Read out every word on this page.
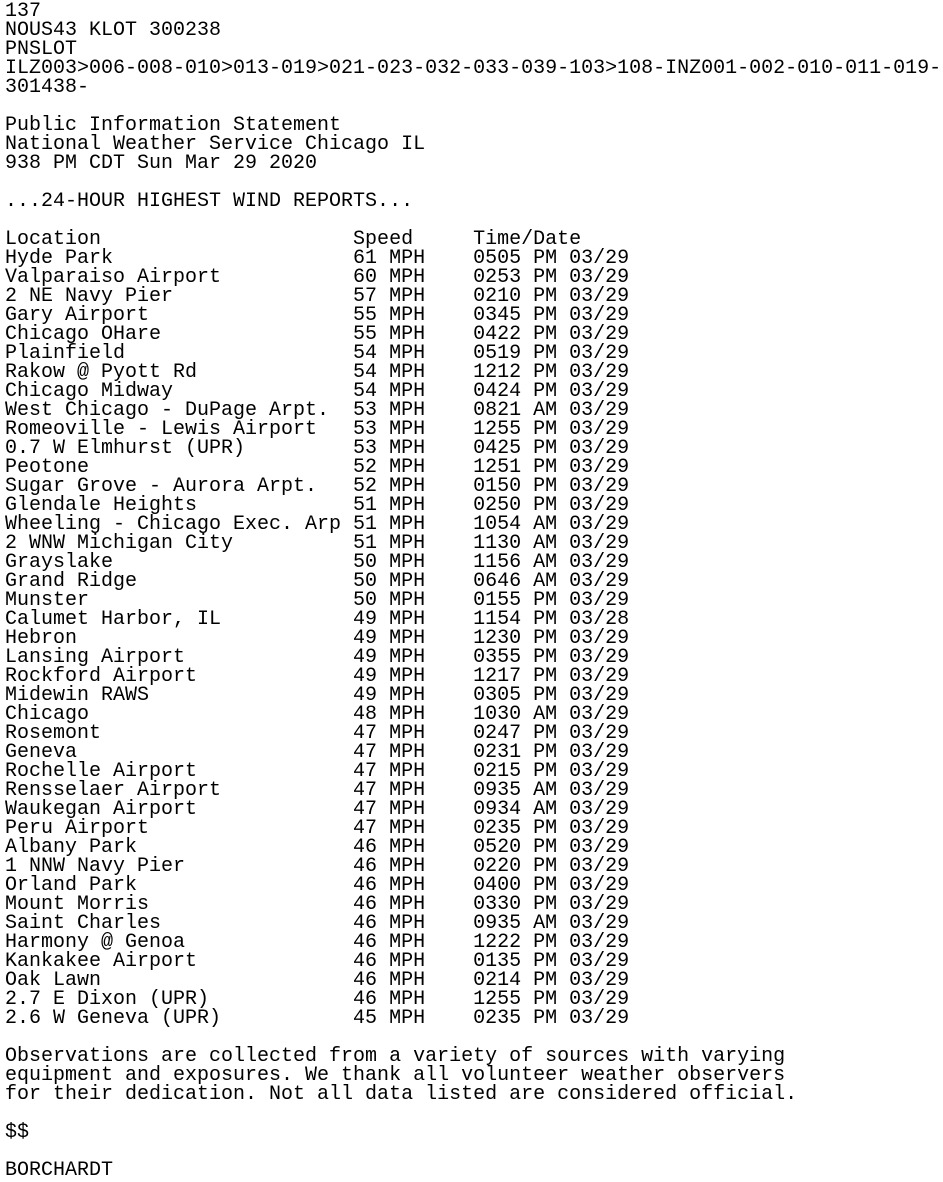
137
NOUS43 KLOT 300238
PNSLOT
ILZ003>006-008-010>013-019>021-023-032-033-039-103>108-INZ001-002-010-011-019-
301438-
Public Information Statement
National Weather Service Chicago IL
938 PM CDT Sun Mar 29 2020
...24-HOUR HIGHEST WIND REPORTS...
Location                     Speed     Time/Date
Hyde Park                    61 MPH    0505 PM 03/29
Valparaiso Airport           60 MPH    0253 PM 03/29
2 NE Navy Pier               57 MPH    0210 PM 03/29
Gary Airport                 55 MPH    0345 PM 03/29
Chicago OHare                55 MPH    0422 PM 03/29
Plainfield                   54 MPH    0519 PM 03/29
Rakow @ Pyott Rd             54 MPH    1212 PM 03/29
Chicago Midway               54 MPH    0424 PM 03/29
West Chicago - DuPage Arpt.  53 MPH    0821 AM 03/29
Romeoville - Lewis Airport   53 MPH    1255 PM 03/29
0.7 W Elmhurst (UPR)         53 MPH    0425 PM 03/29
Peotone                      52 MPH    1251 PM 03/29
Sugar Grove - Aurora Arpt.   52 MPH    0150 PM 03/29
Glendale Heights             51 MPH    0250 PM 03/29
Wheeling - Chicago Exec. Arp 51 MPH    1054 AM 03/29
2 WNW Michigan City          51 MPH    1130 AM 03/29
Grayslake                    50 MPH    1156 AM 03/29
Grand Ridge                  50 MPH    0646 AM 03/29
Munster                      50 MPH    0155 PM 03/29
Calumet Harbor, IL           49 MPH    1154 PM 03/28
Hebron                       49 MPH    1230 PM 03/29
Lansing Airport              49 MPH    0355 PM 03/29
Rockford Airport             49 MPH    1217 PM 03/29
Midewin RAWS                 49 MPH    0305 PM 03/29
Chicago                      48 MPH    1030 AM 03/29
Rosemont                     47 MPH    0247 PM 03/29
Geneva                       47 MPH    0231 PM 03/29
Rochelle Airport             47 MPH    0215 PM 03/29
Rensselaer Airport           47 MPH    0935 AM 03/29
Waukegan Airport             47 MPH    0934 AM 03/29
Peru Airport                 47 MPH    0235 PM 03/29
Albany Park                  46 MPH    0520 PM 03/29
1 NNW Navy Pier              46 MPH    0220 PM 03/29
Orland Park                  46 MPH    0400 PM 03/29
Mount Morris                 46 MPH    0330 PM 03/29
Saint Charles                46 MPH    0935 AM 03/29
Harmony @ Genoa              46 MPH    1222 PM 03/29
Kankakee Airport             46 MPH    0135 PM 03/29
Oak Lawn                     46 MPH    0214 PM 03/29
2.7 E Dixon (UPR)            46 MPH    1255 PM 03/29
2.6 W Geneva (UPR)           45 MPH    0235 PM 03/29
Observations are collected from a variety of sources with varying
equipment and exposures. We thank all volunteer weather observers
for their dedication. Not all data listed are considered official.
$$
BORCHARDT
